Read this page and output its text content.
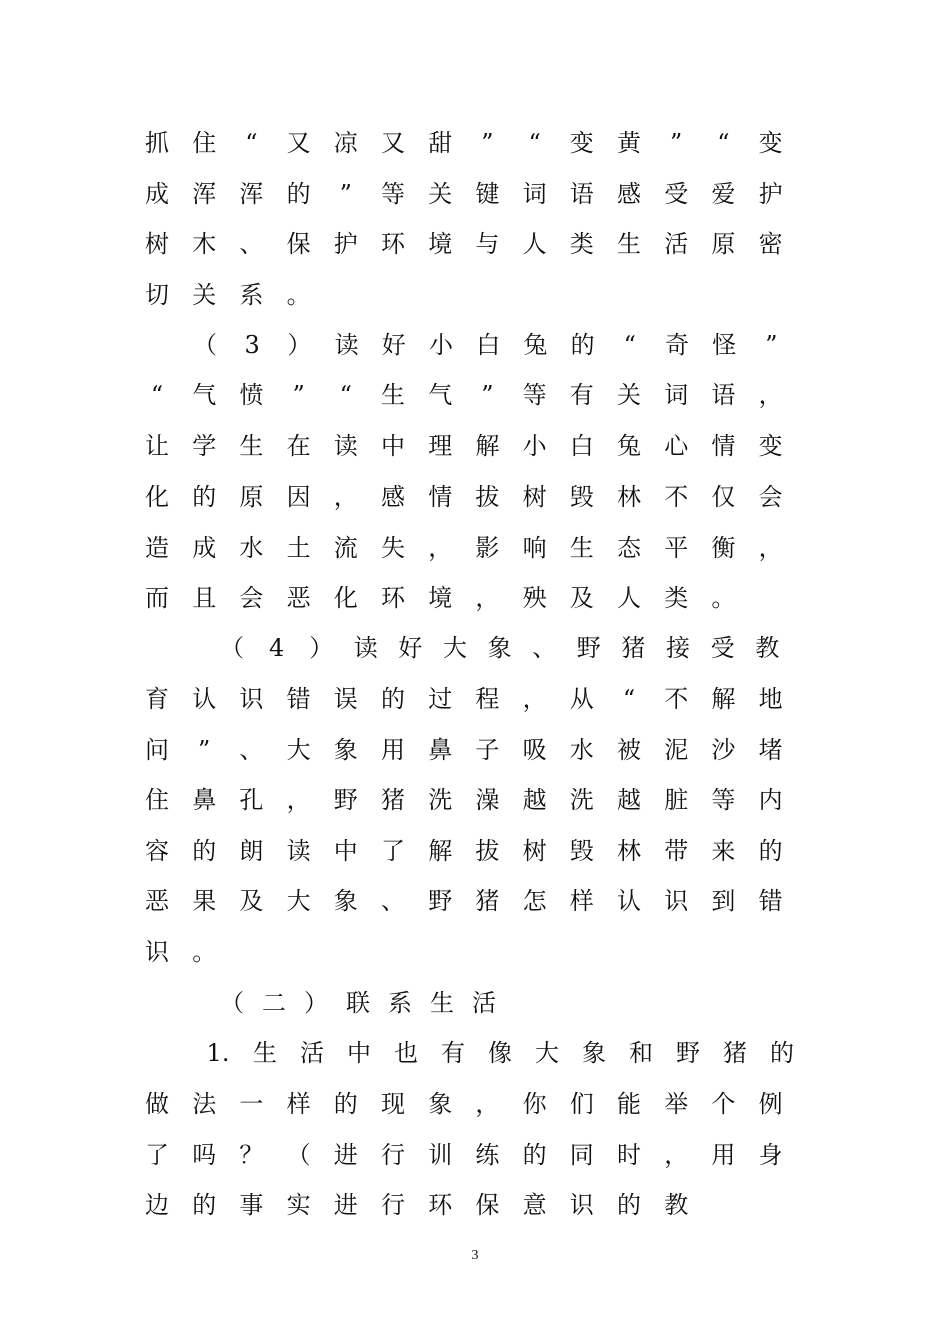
抓 住	“	又 凉 又 甜	”	“	变 黄	”	“	变
成 浑 浑 的	”	等 关 键 词 语 感 受 爱 护
树 木 、 保 护 环 境 与 人 类 生 活 原 密
切 关 系 。
（	3	） 读 好 小 白 兔 的	“	奇 怪	”
“	气 愤	”	“	生 气	”	等 有 关 词 语 ，
让 学 生 在 读 中 理 解 小 白 兔 心 情 变
化 的 原 因 ， 感 情 拔 树 毁 林 不 仅 会
造 成 水 土 流 失 ， 影 响 生 态 平 衡 ，
而 且 会 恶 化 环 境 ， 殃 及 人 类 。
（	4	） 读 好 大 象 、 野 猪 接 受 教
育 认 识 错 误 的 过 程 ， 从	“	不 解 地
问	”	、 大 象 用 鼻 子 吸 水 被 泥 沙 堵
住 鼻 孔 ， 野 猪 洗 澡 越 洗 越 脏 等 内
容 的 朗 读 中 了 解 拔 树 毁 林 带 来 的
恶 果 及 大 象 、 野 猪 怎 样 认 识 到 错
识 。
（ 二 ） 联 系 生 活
1. 生 活 中 也 有 像 大 象 和 野 猪 的
做 法 一 样 的 现 象 ， 你 们 能 举 个 例
了 吗 ？ （ 进 行 训 练 的 同 时 ， 用 身
边 的 事 实 进 行 环 保 意 识 的 教
3
